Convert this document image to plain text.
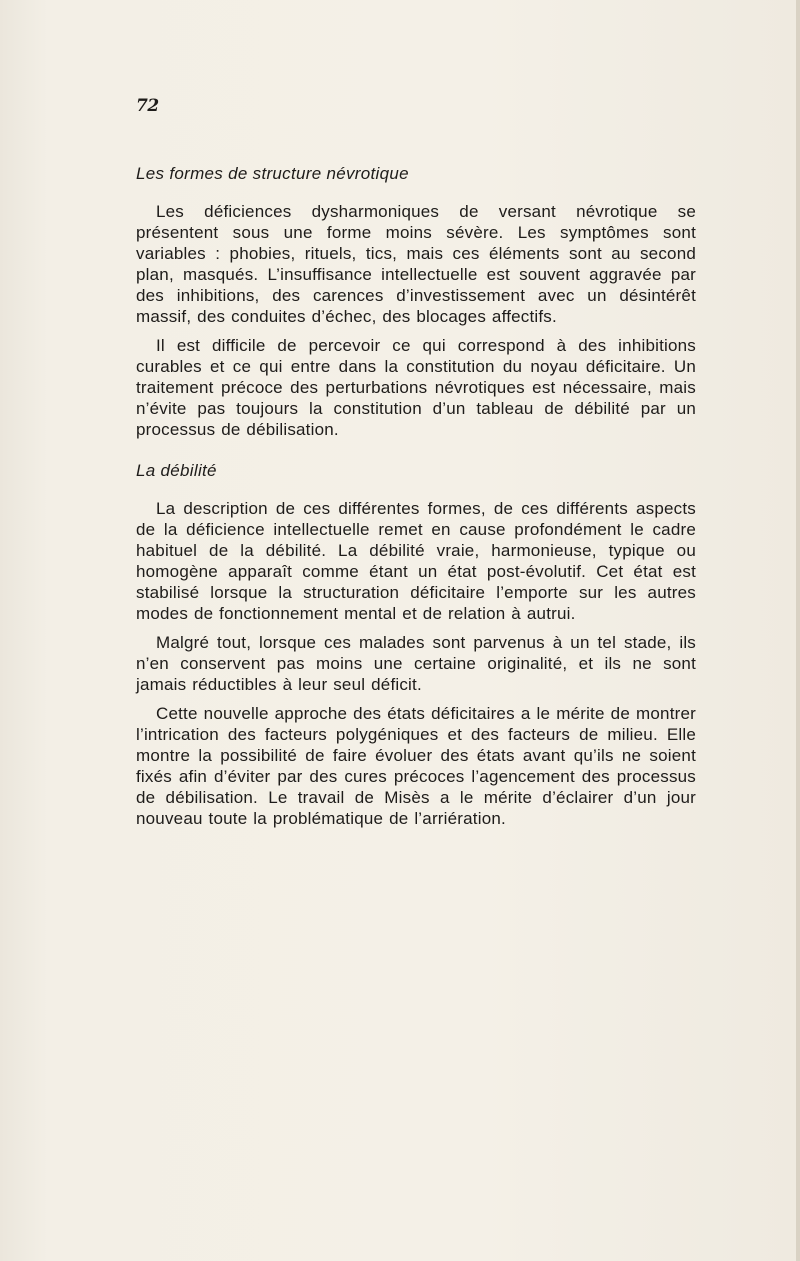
72
Les formes de structure névrotique

Les déficiences dysharmoniques de versant névrotique se présentent sous une forme moins sévère. Les symptômes sont variables : phobies, rituels, tics, mais ces éléments sont au second plan, masqués. L’insuffisance intellectuelle est souvent aggravée par des inhibitions, des carences d’investissement avec un désintérêt massif, des conduites d’échec, des blocages affectifs.

Il est difficile de percevoir ce qui correspond à des inhibitions curables et ce qui entre dans la constitution du noyau déficitaire. Un traitement précoce des perturbations névrotiques est nécessaire, mais n’évite pas toujours la constitution d’un tableau de débilité par un processus de débilisation.

La débilité

La description de ces différentes formes, de ces différents aspects de la déficience intellectuelle remet en cause profondément le cadre habituel de la débilité. La débilité vraie, harmonieuse, typique ou homogène apparaît comme étant un état post-évolutif. Cet état est stabilisé lorsque la structuration déficitaire l’emporte sur les autres modes de fonctionnement mental et de relation à autrui.

Malgré tout, lorsque ces malades sont parvenus à un tel stade, ils n’en conservent pas moins une certaine originalité, et ils ne sont jamais réductibles à leur seul déficit.

Cette nouvelle approche des états déficitaires a le mérite de montrer l’intrication des facteurs polygéniques et des facteurs de milieu. Elle montre la possibilité de faire évoluer des états avant qu’ils ne soient fixés afin d’éviter par des cures précoces l’agencement des processus de débilisation. Le travail de Misès a le mérite d’éclairer d’un jour nouveau toute la problématique de l’arriération.
